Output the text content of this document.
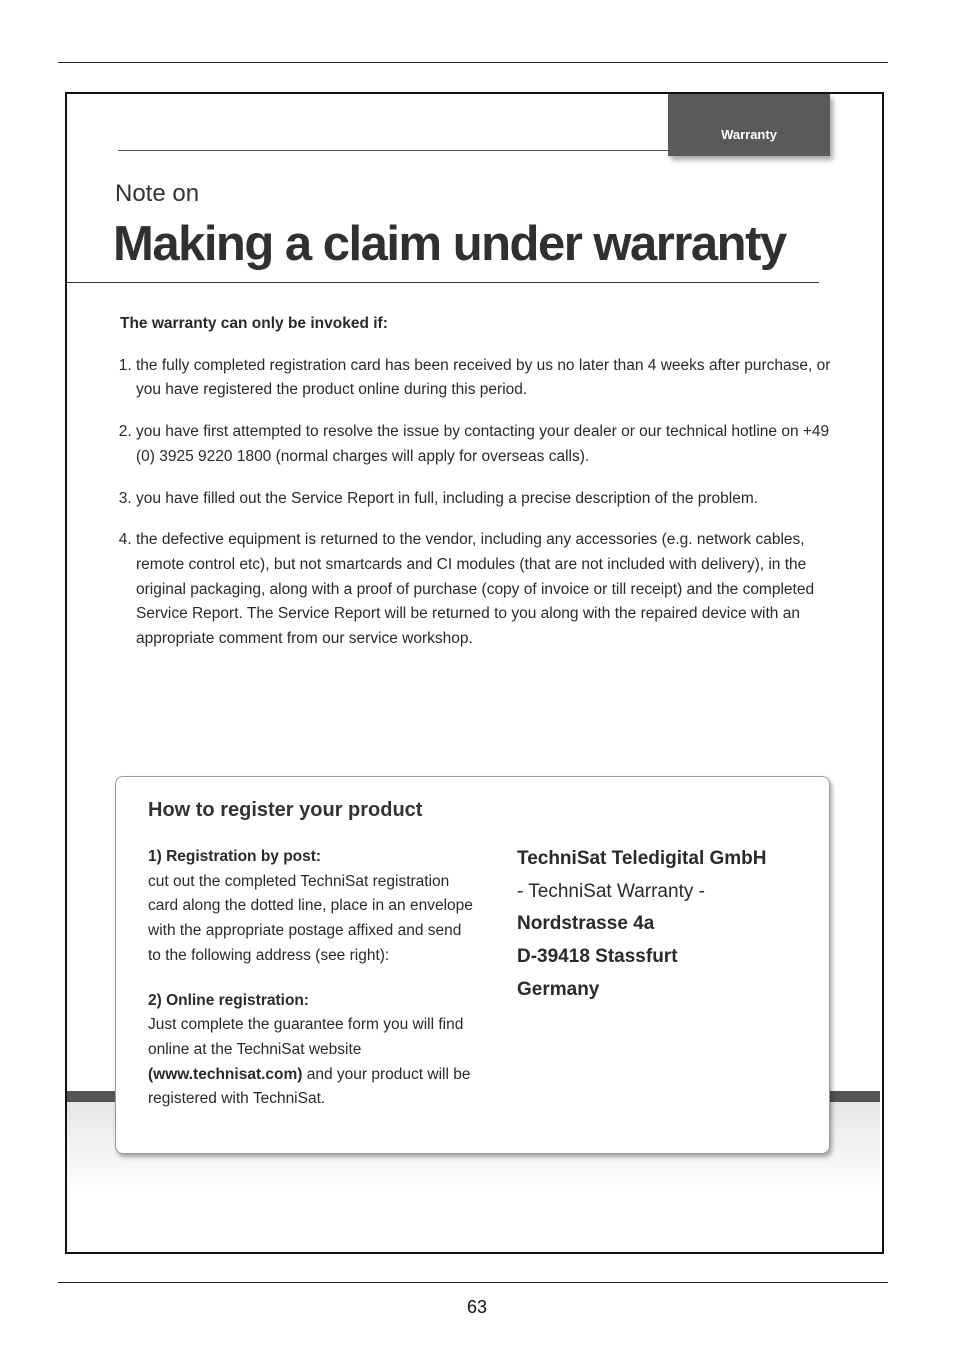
Warranty
Note on
Making a claim under warranty
The warranty can only be invoked if:
1. the fully completed registration card has been received by us no later than 4 weeks after purchase, or you have registered the product online during this period.
2. you have first attempted to resolve the issue by contacting your dealer or our technical hotline on +49 (0) 3925 9220 1800 (normal charges will apply for overseas calls).
3. you have filled out the Service Report in full, including a precise description of the problem.
4. the defective equipment is returned to the vendor, including any accessories (e.g. network cables, remote control etc), but not smartcards and CI modules (that are not included with delivery), in the original packaging, along with a proof of purchase (copy of invoice or till receipt) and the completed Service Report. The Service Report will be returned to you along with the repaired device with an appropriate comment from our service workshop.
How to register your product
1) Registration by post:
cut out the completed TechniSat registration card along the dotted line, place in an envelope with the appropriate postage affixed and send to the following address (see right):
2) Online registration:
Just complete the guarantee form you will find online at the TechniSat website (www.technisat.com) and your product will be registered with TechniSat.
TechniSat Teledigital GmbH
- TechniSat Warranty -
Nordstrasse 4a
D-39418 Stassfurt
Germany
63
